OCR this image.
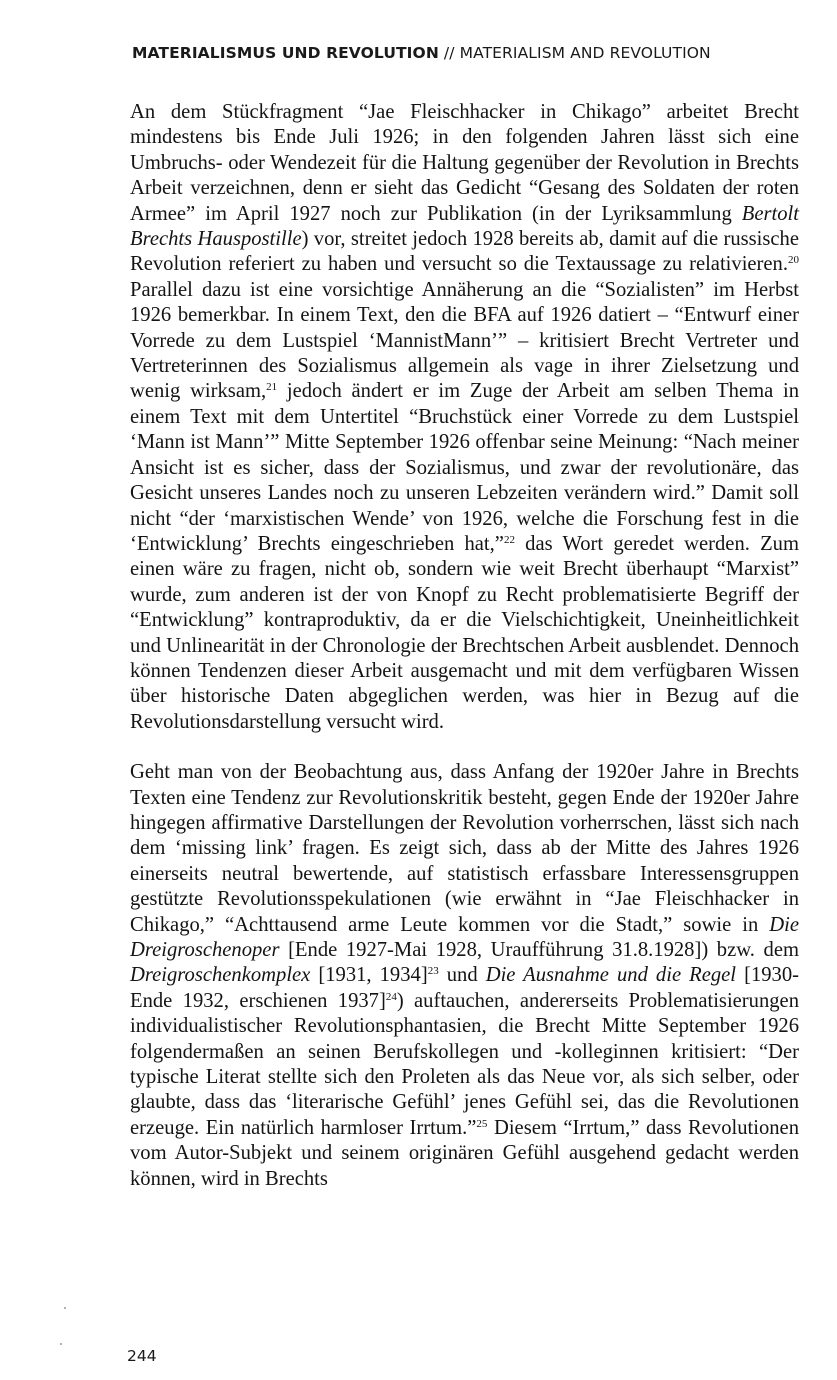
MATERIALISMUS UND REVOLUTION // MATERIALISM AND REVOLUTION

An dem Stückfragment “Jae Fleischhacker in Chikago” arbeitet Brecht mindestens bis Ende Juli 1926; in den folgenden Jahren lässt sich eine Umbruchs- oder Wendezeit für die Haltung gegenüber der Revolution in Brechts Arbeit verzeichnen, denn er sieht das Gedicht “Gesang des Soldaten der roten Armee” im April 1927 noch zur Publikation (in der Lyriksammlung Bertolt Brechts Hauspostille) vor, streitet jedoch 1928 bereits ab, damit auf die russische Revolution referiert zu haben und versucht so die Textaussage zu relativieren.$^{20}$ Parallel dazu ist eine vorsichtige Annäherung an die “Sozialisten” im Herbst 1926 bemerkbar. In einem Text, den die BFA auf 1926 datiert – “Entwurf einer Vorrede zu dem Lustspiel ‘MannistMann’” – kritisiert Brecht Vertreter und Vertreterinnen des Sozialismus allgemein als vage in ihrer Zielsetzung und wenig wirksam,$^{21}$ jedoch ändert er im Zuge der Arbeit am selben Thema in einem Text mit dem Untertitel “Bruchstück einer Vorrede zu dem Lustspiel ‘Mann ist Mann’” Mitte September 1926 offenbar seine Meinung: “Nach meiner Ansicht ist es sicher, dass der Sozialismus, und zwar der revolutionäre, das Gesicht unseres Landes noch zu unseren Lebzeiten verändern wird.” Damit soll nicht “der ‘marxistischen Wende’ von 1926, welche die Forschung fest in die ‘Entwicklung’ Brechts eingeschrieben hat,”$^{22}$ das Wort geredet werden. Zum einen wäre zu fragen, nicht ob, sondern wie weit Brecht überhaupt “Marxist” wurde, zum anderen ist der von Knopf zu Recht problematisierte Begriff der “Entwicklung” kontraproduktiv, da er die Vielschichtigkeit, Uneinheitlichkeit und Unlinearität in der Chronologie der Brechtschen Arbeit ausblendet. Dennoch können Tendenzen dieser Arbeit ausgemacht und mit dem verfügbaren Wissen über historische Daten abgeglichen werden, was hier in Bezug auf die Revolutionsdarstellung versucht wird.

Geht man von der Beobachtung aus, dass Anfang der 1920er Jahre in Brechts Texten eine Tendenz zur Revolutionskritik besteht, gegen Ende der 1920er Jahre hingegen affirmative Darstellungen der Revolution vorherrschen, lässt sich nach dem ‘missing link’ fragen. Es zeigt sich, dass ab der Mitte des Jahres 1926 einerseits neutral bewertende, auf statistisch erfassbare Interessensgruppen gestützte Revolutionsspekulationen (wie erwähnt in “Jae Fleischhacker in Chikago,” “Achttausend arme Leute kommen vor die Stadt,” sowie in Die Dreigroschenoper [Ende 1927-Mai 1928, Uraufführung 31.8.1928]) bzw. dem Dreigroschenkomplex [1931, 1934]$^{23}$ und Die Ausnahme und die Regel [1930-Ende 1932, erschienen 1937]$^{24}$) auftauchen, andererseits Problematisierungen individualistischer Revolutionsphantasien, die Brecht Mitte September 1926 folgendermaßen an seinen Berufskollegen und -kolleginnen kritisiert: “Der typische Literat stellte sich den Proleten als das Neue vor, als sich selber, oder glaubte, dass das ‘literarische Gefühl’ jenes Gefühl sei, das die Revolutionen erzeuge. Ein natürlich harmloser Irrtum.”$^{25}$ Diesem “Irrtum,” dass Revolutionen vom Autor-Subjekt und seinem originären Gefühl ausgehend gedacht werden können, wird in Brechts

244
